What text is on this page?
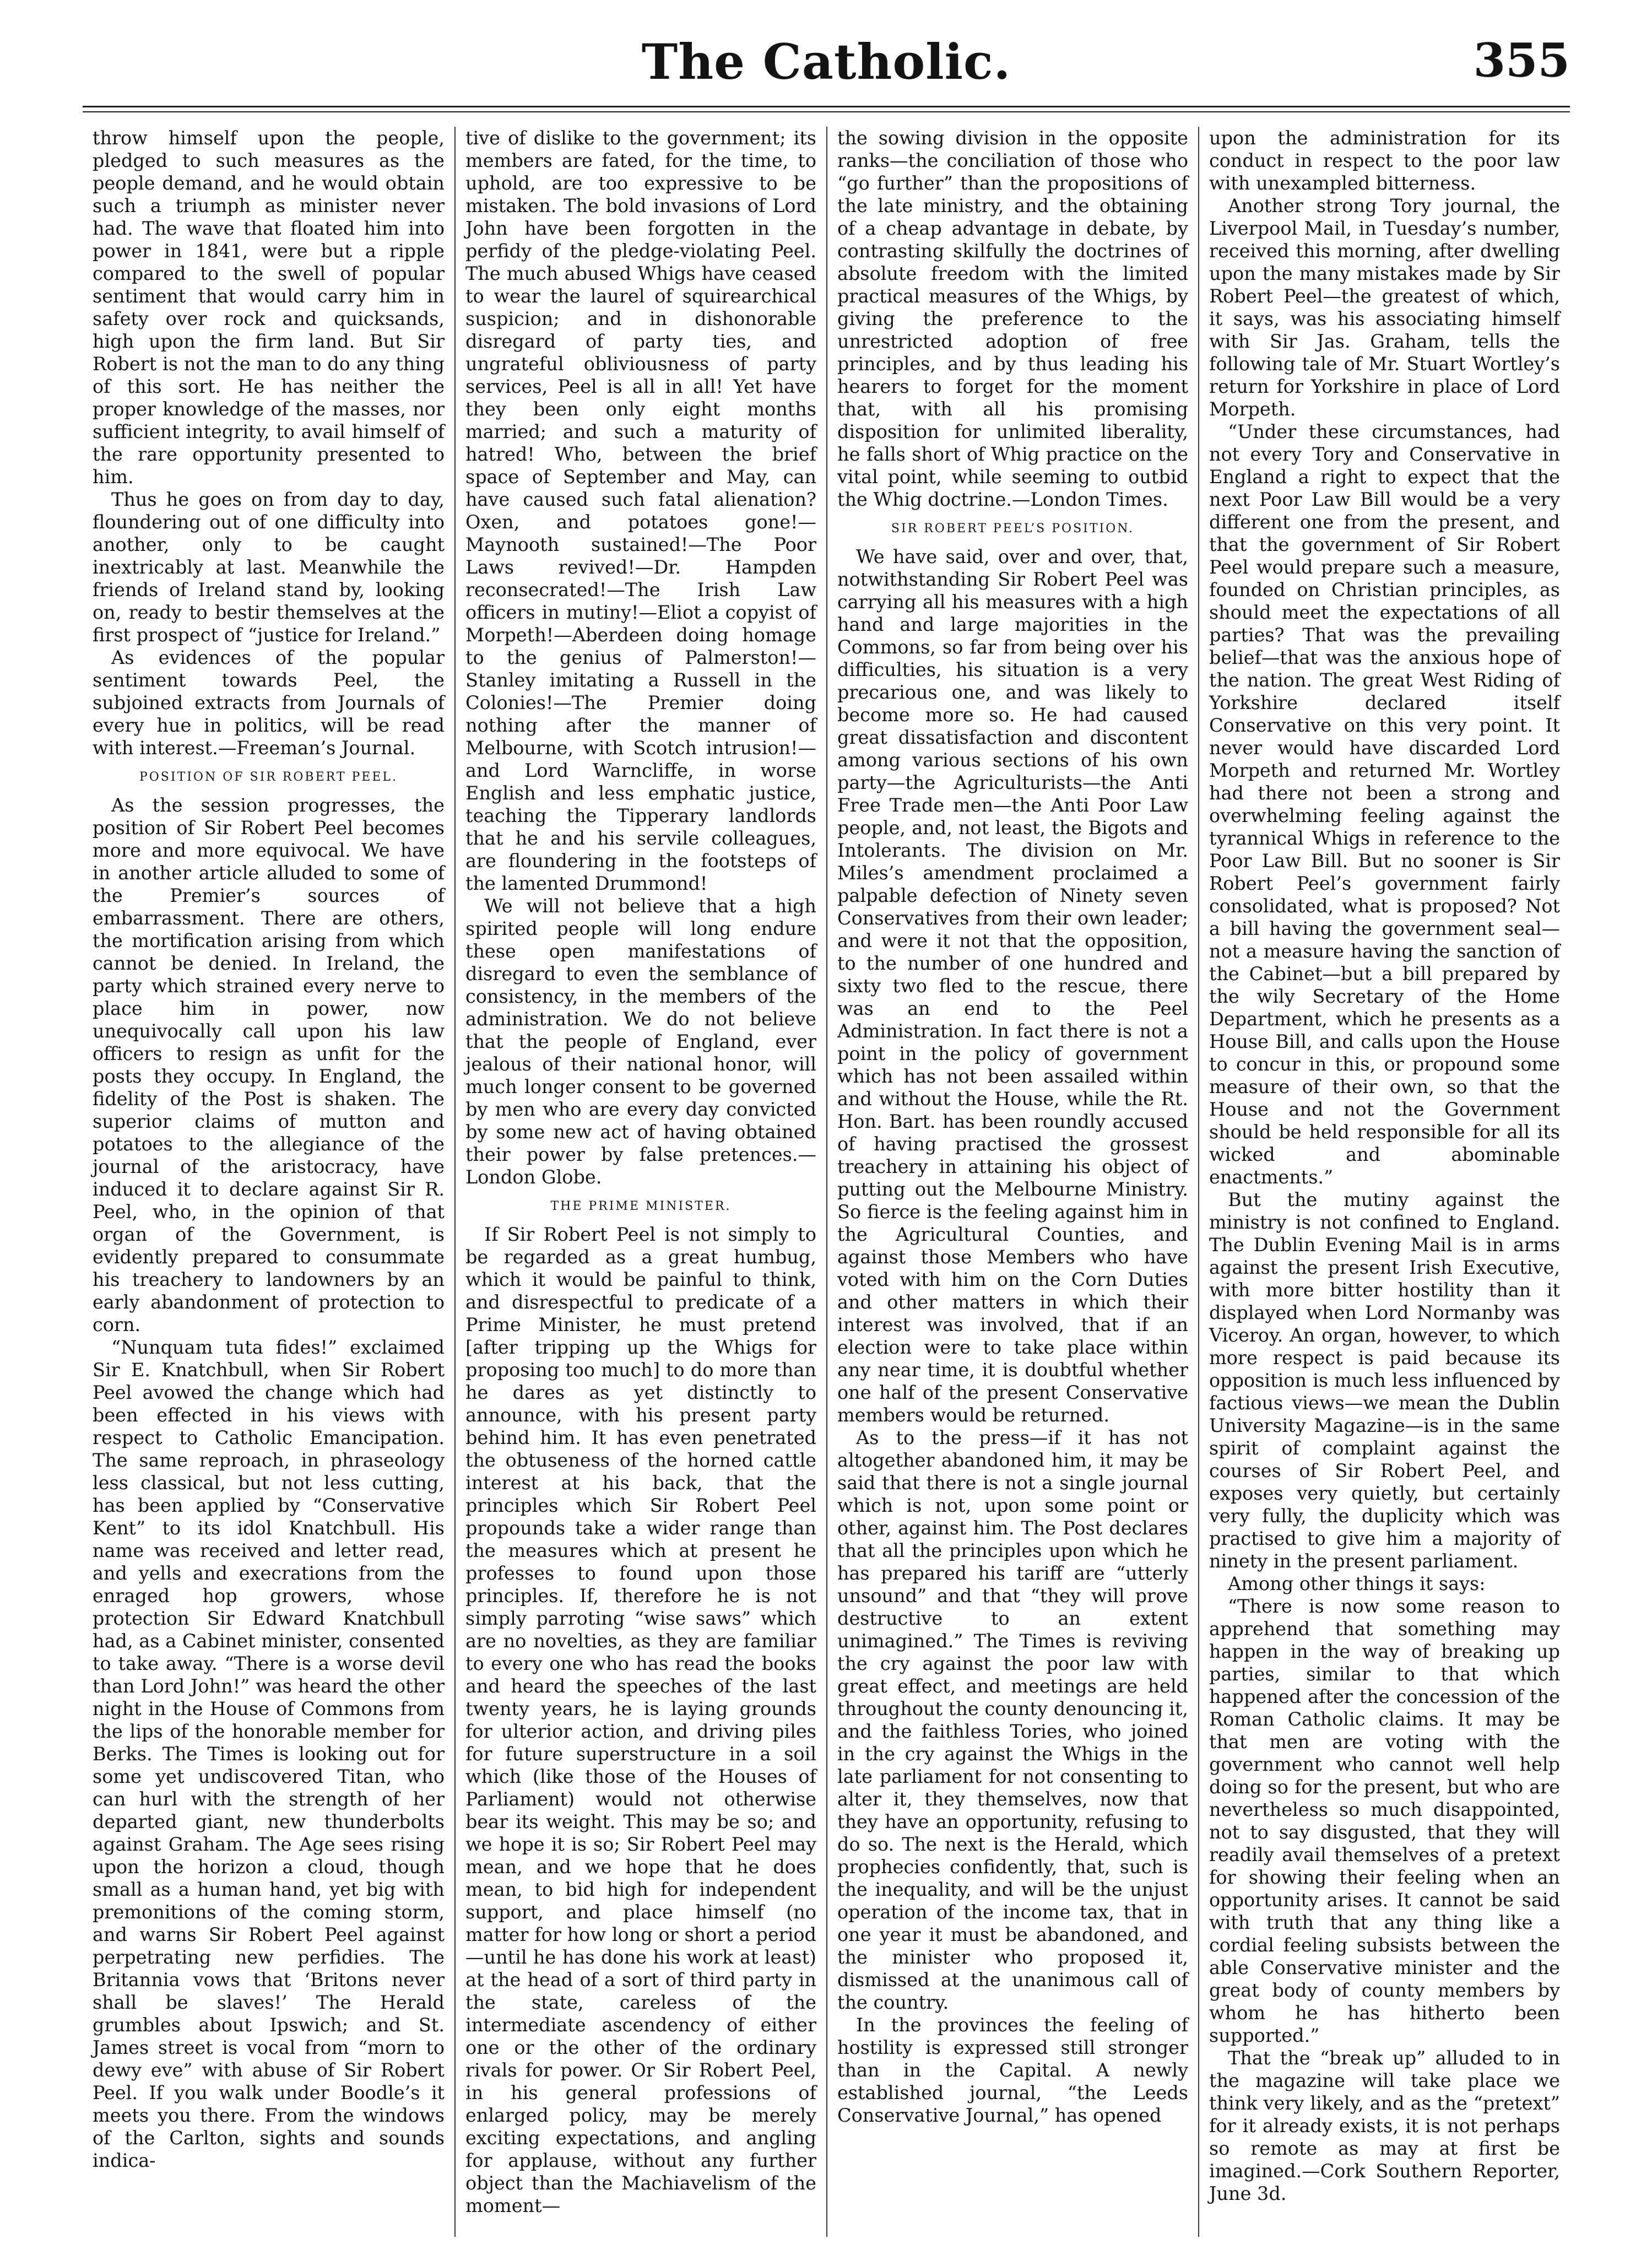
The Catholic.	355

throw himself upon the people, pledged to such measures as the people demand, and he would obtain such a triumph as minister never had. The wave that floated him into power in 1841, were but a ripple compared to the swell of popular sentiment that would carry him in safety over rock and quicksands, high upon the firm land. But Sir Robert is not the man to do any thing of this sort. He has neither the proper knowledge of the masses, nor sufficient integrity, to avail himself of the rare opportunity presented to him.

Thus he goes on from day to day, floundering out of one difficulty into another, only to be caught inextricably at last. Meanwhile the friends of Ireland stand by, looking on, ready to bestir themselves at the first prospect of “justice for Ireland.”

As evidences of the popular sentiment towards Peel, the subjoined extracts from Journals of every hue in politics, will be read with interest.—Freeman’s Journal.

POSITION OF SIR ROBERT PEEL.

As the session progresses, the position of Sir Robert Peel becomes more and more equivocal. We have in another article alluded to some of the Premier’s sources of embarrassment. There are others, the mortification arising from which cannot be denied. In Ireland, the party which strained every nerve to place him in power, now unequivocally call upon his law officers to resign as unfit for the posts they occupy. In England, the fidelity of the Post is shaken. The superior claims of mutton and potatoes to the allegiance of the journal of the aristocracy, have induced it to declare against Sir R. Peel, who, in the opinion of that organ of the Government, is evidently prepared to consummate his treachery to landowners by an early abandonment of protection to corn.

“Nunquam tuta fides!” exclaimed Sir E. Knatchbull, when Sir Robert Peel avowed the change which had been effected in his views with respect to Catholic Emancipation. The same reproach, in phraseology less classical, but not less cutting, has been applied by “Conservative Kent” to its idol Knatchbull. His name was received and letter read, and yells and execrations from the enraged hop growers, whose protection Sir Edward Knatchbull had, as a Cabinet minister, consented to take away. “There is a worse devil than Lord John!” was heard the other night in the House of Commons from the lips of the honorable member for Berks. The Times is looking out for some yet undiscovered Titan, who can hurl with the strength of her departed giant, new thunderbolts against Graham. The Age sees rising upon the horizon a cloud, though small as a human hand, yet big with premonitions of the coming storm, and warns Sir Robert Peel against perpetrating new perfidies. The Britannia vows that ‘Britons never shall be slaves!’ The Herald grumbles about Ipswich; and St. James street is vocal from “morn to dewy eve” with abuse of Sir Robert Peel. If you walk under Boodle’s it meets you there. From the windows of the Carlton, sights and sounds indica-

tive of dislike to the government; its members are fated, for the time, to uphold, are too expressive to be mistaken. The bold invasions of Lord John have been forgotten in the perfidy of the pledge-violating Peel. The much abused Whigs have ceased to wear the laurel of squirearchical suspicion; and in dishonorable disregard of party ties, and ungrateful obliviousness of party services, Peel is all in all! Yet have they been only eight months married; and such a maturity of hatred! Who, between the brief space of September and May, can have caused such fatal alienation? Oxen, and potatoes gone!—Maynooth sustained!—The Poor Laws revived!—Dr. Hampden reconsecrated!—The Irish Law officers in mutiny!—Eliot a copyist of Morpeth!—Aberdeen doing homage to the genius of Palmerston!—Stanley imitating a Russell in the Colonies!—The Premier doing nothing after the manner of Melbourne, with Scotch intrusion!—and Lord Warncliffe, in worse English and less emphatic justice, teaching the Tipperary landlords that he and his servile colleagues, are floundering in the footsteps of the lamented Drummond!

We will not believe that a high spirited people will long endure these open manifestations of disregard to even the semblance of consistency, in the members of the administration. We do not believe that the people of England, ever jealous of their national honor, will much longer consent to be governed by men who are every day convicted by some new act of having obtained their power by false pretences.—London Globe.

THE PRIME MINISTER.

If Sir Robert Peel is not simply to be regarded as a great humbug, which it would be painful to think, and disrespectful to predicate of a Prime Minister, he must pretend [after tripping up the Whigs for proposing too much] to do more than he dares as yet distinctly to announce, with his present party behind him. It has even penetrated the obtuseness of the horned cattle interest at his back, that the principles which Sir Robert Peel propounds take a wider range than the measures which at present he professes to found upon those principles. If, therefore he is not simply parroting “wise saws” which are no novelties, as they are familiar to every one who has read the books and heard the speeches of the last twenty years, he is laying grounds for ulterior action, and driving piles for future superstructure in a soil which (like those of the Houses of Parliament) would not otherwise bear its weight. This may be so; and we hope it is so; Sir Robert Peel may mean, and we hope that he does mean, to bid high for independent support, and place himself (no matter for how long or short a period—until he has done his work at least) at the head of a sort of third party in the state, careless of the intermediate ascendency of either one or the other of the ordinary rivals for power. Or Sir Robert Peel, in his general professions of enlarged policy, may be merely exciting expectations, and angling for applause, without any further object than the Machiavelism of the moment—

the sowing division in the opposite ranks—the conciliation of those who “go further” than the propositions of the late ministry, and the obtaining of a cheap advantage in debate, by contrasting skilfully the doctrines of absolute freedom with the limited practical measures of the Whigs, by giving the preference to the unrestricted adoption of free principles, and by thus leading his hearers to forget for the moment that, with all his promising disposition for unlimited liberality, he falls short of Whig practice on the vital point, while seeming to outbid the Whig doctrine.—London Times.

SIR ROBERT PEEL’S POSITION.

We have said, over and over, that, notwithstanding Sir Robert Peel was carrying all his measures with a high hand and large majorities in the Commons, so far from being over his difficulties, his situation is a very precarious one, and was likely to become more so. He had caused great dissatisfaction and discontent among various sections of his own party—the Agriculturists—the Anti Free Trade men—the Anti Poor Law people, and, not least, the Bigots and Intolerants. The division on Mr. Miles’s amendment proclaimed a palpable defection of Ninety seven Conservatives from their own leader; and were it not that the opposition, to the number of one hundred and sixty two fled to the rescue, there was an end to the Peel Administration. In fact there is not a point in the policy of government which has not been assailed within and without the House, while the Rt. Hon. Bart. has been roundly accused of having practised the grossest treachery in attaining his object of putting out the Melbourne Ministry. So fierce is the feeling against him in the Agricultural Counties, and against those Members who have voted with him on the Corn Duties and other matters in which their interest was involved, that if an election were to take place within any near time, it is doubtful whether one half of the present Conservative members would be returned.

As to the press—if it has not altogether abandoned him, it may be said that there is not a single journal which is not, upon some point or other, against him. The Post declares that all the principles upon which he has prepared his tariff are “utterly unsound” and that “they will prove destructive to an extent unimagined.” The Times is reviving the cry against the poor law with great effect, and meetings are held throughout the county denouncing it, and the faithless Tories, who joined in the cry against the Whigs in the late parliament for not consenting to alter it, they themselves, now that they have an opportunity, refusing to do so. The next is the Herald, which prophecies confidently, that, such is the inequality, and will be the unjust operation of the income tax, that in one year it must be abandoned, and the minister who proposed it, dismissed at the unanimous call of the country.

In the provinces the feeling of hostility is expressed still stronger than in the Capital. A newly established journal, “the Leeds Conservative Journal,” has opened

upon the administration for its conduct in respect to the poor law with unexampled bitterness.

Another strong Tory journal, the Liverpool Mail, in Tuesday’s number, received this morning, after dwelling upon the many mistakes made by Sir Robert Peel—the greatest of which, it says, was his associating himself with Sir Jas. Graham, tells the following tale of Mr. Stuart Wortley’s return for Yorkshire in place of Lord Morpeth.

“Under these circumstances, had not every Tory and Conservative in England a right to expect that the next Poor Law Bill would be a very different one from the present, and that the government of Sir Robert Peel would prepare such a measure, founded on Christian principles, as should meet the expectations of all parties? That was the prevailing belief—that was the anxious hope of the nation. The great West Riding of Yorkshire declared itself Conservative on this very point. It never would have discarded Lord Morpeth and returned Mr. Wortley had there not been a strong and overwhelming feeling against the tyrannical Whigs in reference to the Poor Law Bill. But no sooner is Sir Robert Peel’s government fairly consolidated, what is proposed? Not a bill having the government seal—not a measure having the sanction of the Cabinet—but a bill prepared by the wily Secretary of the Home Department, which he presents as a House Bill, and calls upon the House to concur in this, or propound some measure of their own, so that the House and not the Government should be held responsible for all its wicked and abominable enactments.”

But the mutiny against the ministry is not confined to England. The Dublin Evening Mail is in arms against the present Irish Executive, with more bitter hostility than it displayed when Lord Normanby was Viceroy. An organ, however, to which more respect is paid because its opposition is much less influenced by factious views—we mean the Dublin University Magazine—is in the same spirit of complaint against the courses of Sir Robert Peel, and exposes very quietly, but certainly very fully, the duplicity which was practised to give him a majority of ninety in the present parliament.

Among other things it says:

“There is now some reason to apprehend that something may happen in the way of breaking up parties, similar to that which happened after the concession of the Roman Catholic claims. It may be that men are voting with the government who cannot well help doing so for the present, but who are nevertheless so much disappointed, not to say disgusted, that they will readily avail themselves of a pretext for showing their feeling when an opportunity arises. It cannot be said with truth that any thing like a cordial feeling subsists between the able Conservative minister and the great body of county members by whom he has hitherto been supported.”

That the “break up” alluded to in the magazine will take place we think very likely, and as the “pretext” for it already exists, it is not perhaps so remote as may at first be imagined.—Cork Southern Reporter, June 3d.
